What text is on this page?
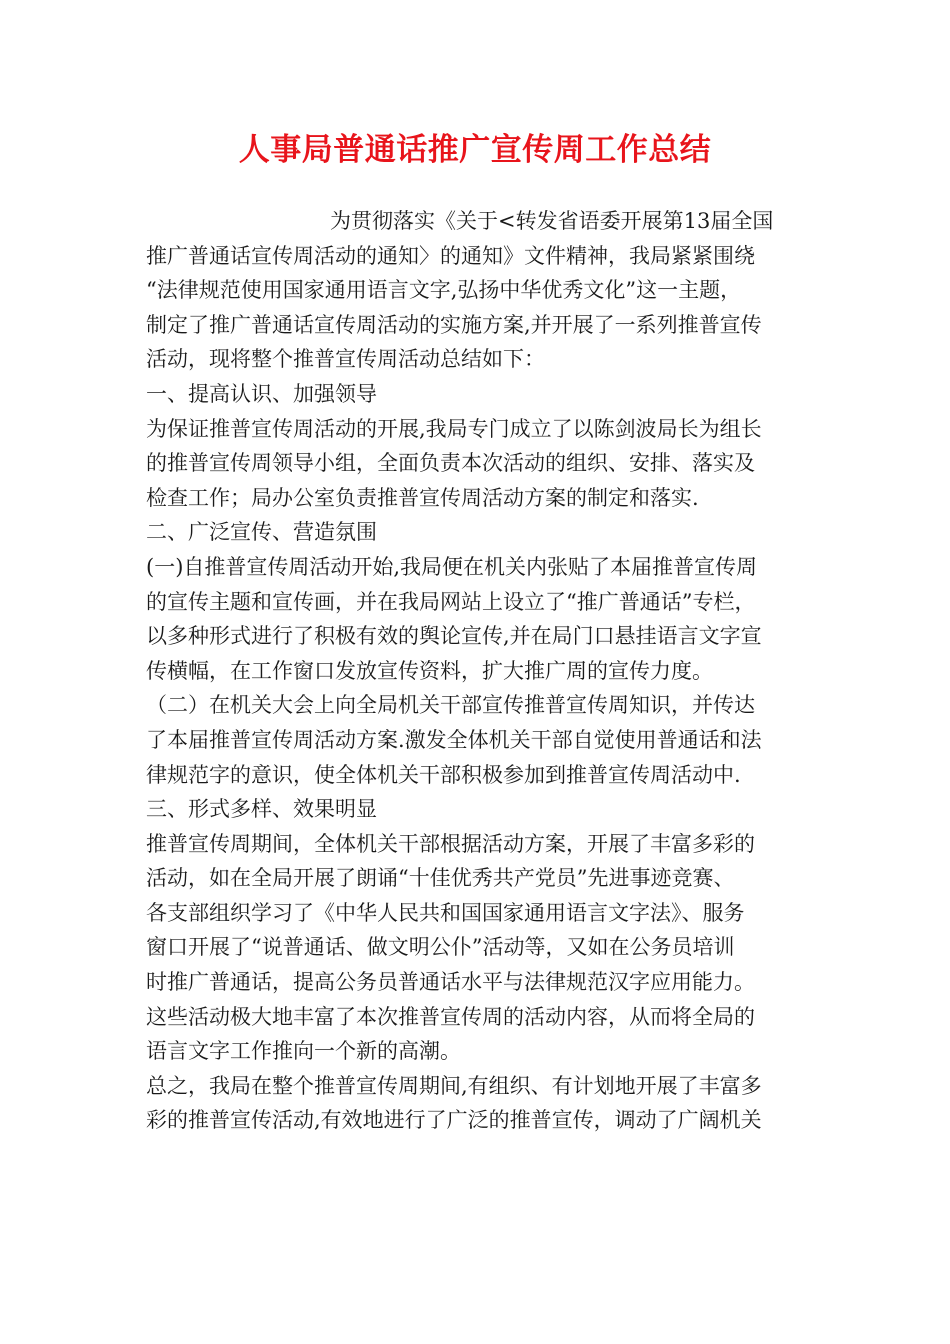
人事局普通话推广宣传周工作总结
为贯彻落实《关于<转发省语委开展第13届全国
推广普通话宣传周活动的通知〉的通知》文件精神，我局紧紧围绕
“法律规范使用国家通用语言文字,弘扬中华优秀文化”这一主题，
制定了推广普通话宣传周活动的实施方案,并开展了一系列推普宣传
活动，现将整个推普宣传周活动总结如下：
一、提高认识、加强领导
为保证推普宣传周活动的开展,我局专门成立了以陈剑波局长为组长
的推普宣传周领导小组，全面负责本次活动的组织、安排、落实及
检查工作；局办公室负责推普宣传周活动方案的制定和落实.
二、广泛宣传、营造氛围
(一)自推普宣传周活动开始,我局便在机关内张贴了本届推普宣传周
的宣传主题和宣传画，并在我局网站上设立了“推广普通话”专栏，
以多种形式进行了积极有效的舆论宣传,并在局门口悬挂语言文字宣
传横幅，在工作窗口发放宣传资料，扩大推广周的宣传力度。
（二）在机关大会上向全局机关干部宣传推普宣传周知识，并传达
了本届推普宣传周活动方案.激发全体机关干部自觉使用普通话和法
律规范字的意识，使全体机关干部积极参加到推普宣传周活动中.
三、形式多样、效果明显
推普宣传周期间，全体机关干部根据活动方案，开展了丰富多彩的
活动，如在全局开展了朗诵“十佳优秀共产党员”先进事迹竞赛、
各支部组织学习了《中华人民共和国国家通用语言文字法》、服务
窗口开展了“说普通话、做文明公仆”活动等，又如在公务员培训
时推广普通话，提高公务员普通话水平与法律规范汉字应用能力。
这些活动极大地丰富了本次推普宣传周的活动内容，从而将全局的
语言文字工作推向一个新的高潮。
总之，我局在整个推普宣传周期间,有组织、有计划地开展了丰富多
彩的推普宣传活动,有效地进行了广泛的推普宣传，调动了广阔机关
